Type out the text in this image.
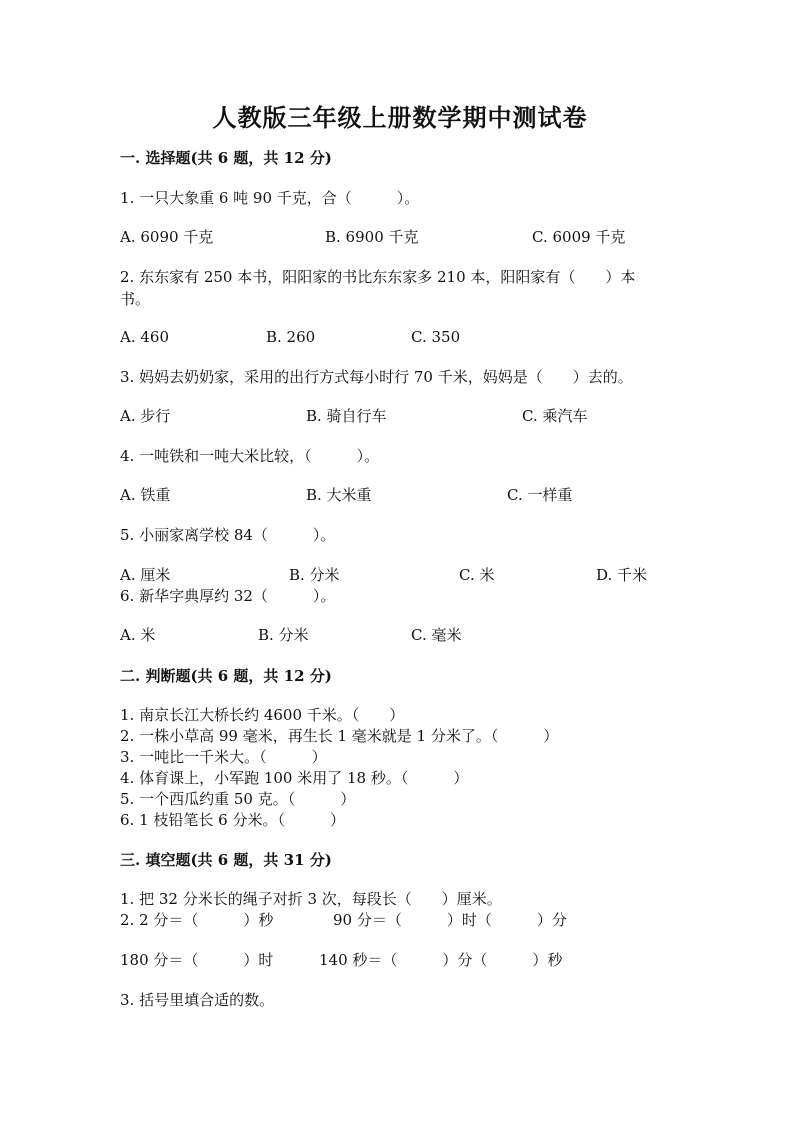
人教版三年级上册数学期中测试卷
一. 选择题(共 6 题，共 12 分)
1. 一只大象重 6 吨 90 千克，合（　　　）。
A. 6090 千克	B. 6900 千克	C. 6009 千克
2. 东东家有 250 本书，阳阳家的书比东东家多 210 本，阳阳家有（　　）本
书。
A. 460	B. 260	C. 350
3. 妈妈去奶奶家，采用的出行方式每小时行 70 千米，妈妈是（　　）去的。
A. 步行	B. 骑自行车	C. 乘汽车
4. 一吨铁和一吨大米比较，（　　　）。
A. 铁重	B. 大米重	C. 一样重
5. 小丽家离学校 84（　　　）。
A. 厘米	B. 分米	C. 米	D. 千米
6. 新华字典厚约 32（　　　）。
A. 米	B. 分米	C. 毫米
二. 判断题(共 6 题，共 12 分)
1. 南京长江大桥长约 4600 千米。（　　）
2. 一株小草高 99 毫米，再生长 1 毫米就是 1 分米了。（　　　）
3. 一吨比一千米大。（　　　）
4. 体育课上，小军跑 100 米用了 18 秒。（　　　）
5. 一个西瓜约重 50 克。（　　　）
6. 1 枝铅笔长 6 分米。（　　　）
三. 填空题(共 6 题，共 31 分)
1. 把 32 分米长的绳子对折 3 次，每段长（　　）厘米。
2. 2 分＝（　　　）秒	90 分＝（　　　）时（　　　）分
180 分＝（　　　）时	140 秒＝（　　　）分（　　　）秒
3. 括号里填合适的数。
